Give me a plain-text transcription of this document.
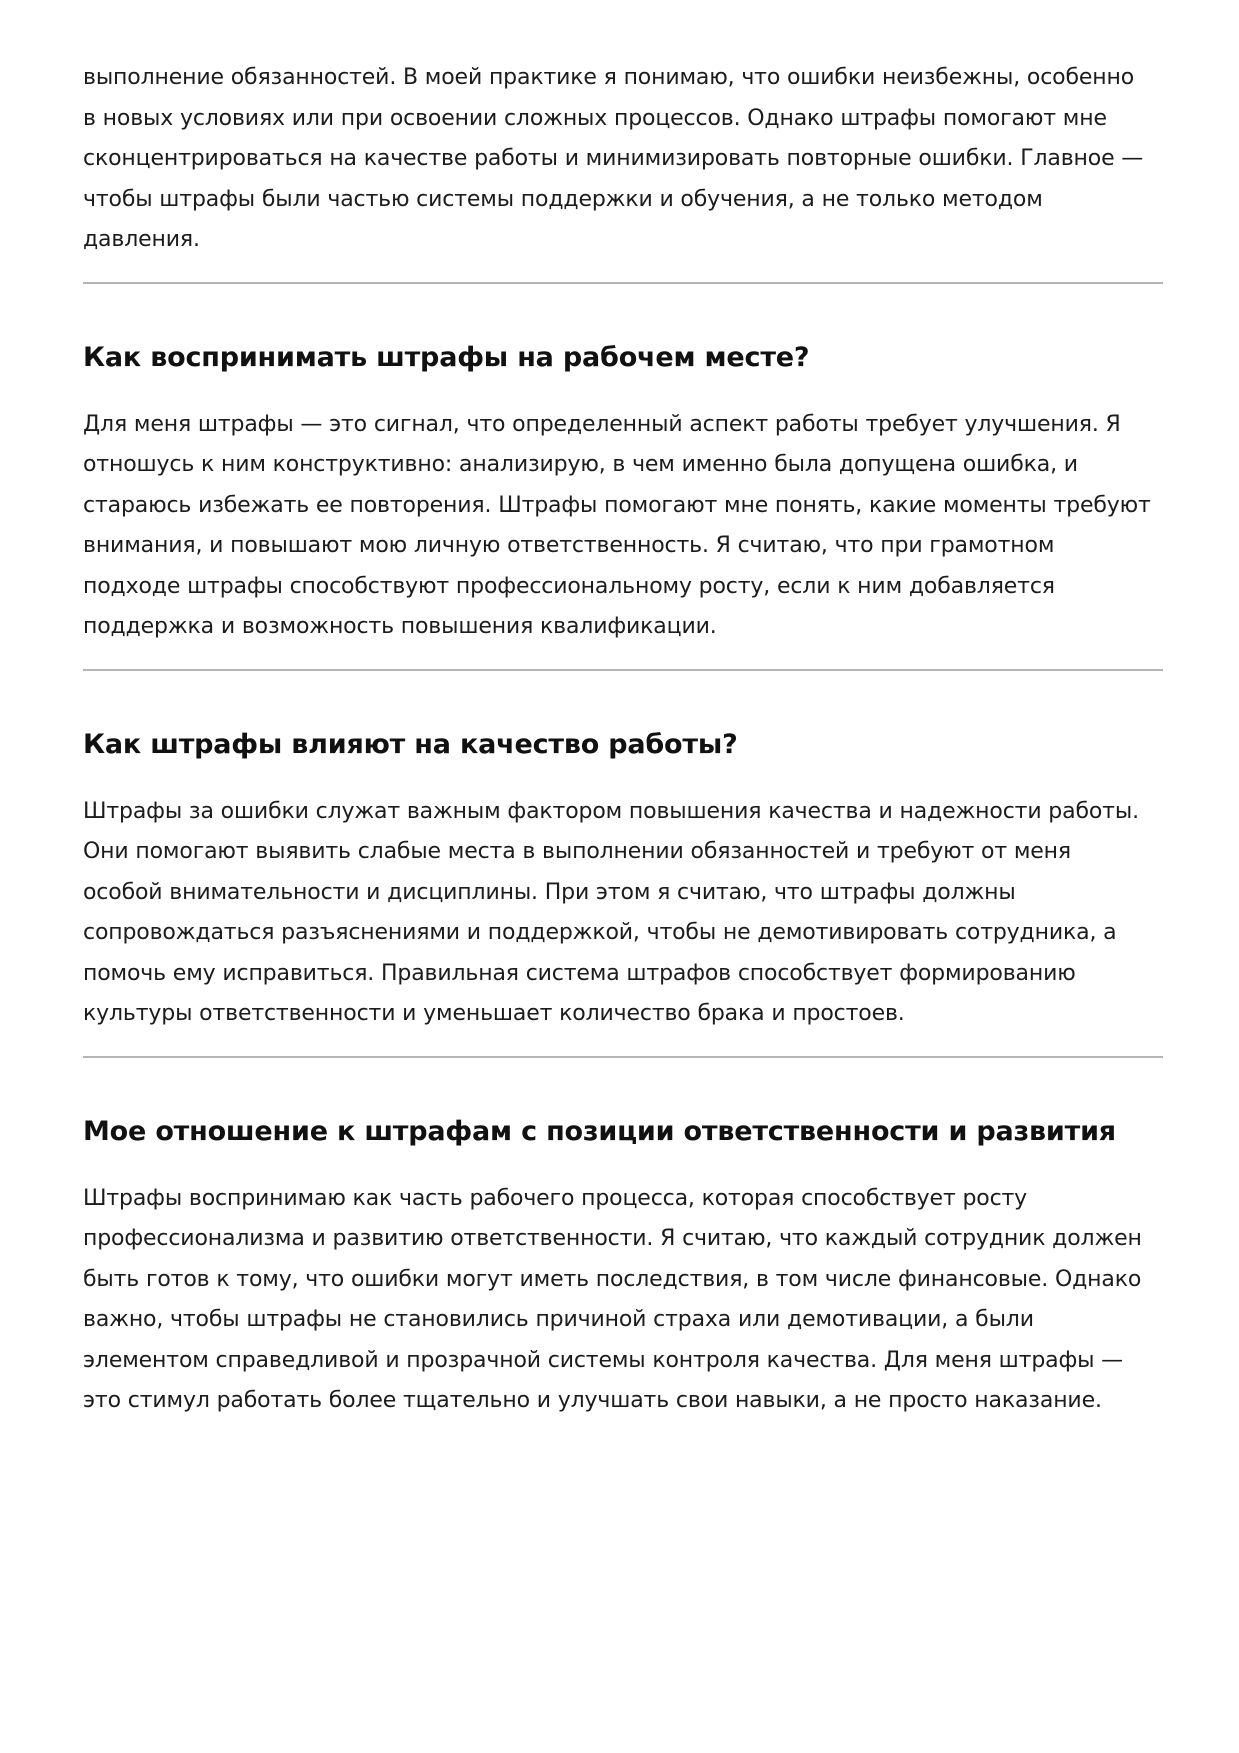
выполнение обязанностей. В моей практике я понимаю, что ошибки неизбежны, особенно
в новых условиях или при освоении сложных процессов. Однако штрафы помогают мне
сконцентрироваться на качестве работы и минимизировать повторные ошибки. Главное —
чтобы штрафы были частью системы поддержки и обучения, а не только методом
давления.

Как воспринимать штрафы на рабочем месте?

Для меня штрафы — это сигнал, что определенный аспект работы требует улучшения. Я
отношусь к ним конструктивно: анализирую, в чем именно была допущена ошибка, и
стараюсь избежать ее повторения. Штрафы помогают мне понять, какие моменты требуют
внимания, и повышают мою личную ответственность. Я считаю, что при грамотном
подходе штрафы способствуют профессиональному росту, если к ним добавляется
поддержка и возможность повышения квалификации.

Как штрафы влияют на качество работы?

Штрафы за ошибки служат важным фактором повышения качества и надежности работы.
Они помогают выявить слабые места в выполнении обязанностей и требуют от меня
особой внимательности и дисциплины. При этом я считаю, что штрафы должны
сопровождаться разъяснениями и поддержкой, чтобы не демотивировать сотрудника, а
помочь ему исправиться. Правильная система штрафов способствует формированию
культуры ответственности и уменьшает количество брака и простоев.

Мое отношение к штрафам с позиции ответственности и развития

Штрафы воспринимаю как часть рабочего процесса, которая способствует росту
профессионализма и развитию ответственности. Я считаю, что каждый сотрудник должен
быть готов к тому, что ошибки могут иметь последствия, в том числе финансовые. Однако
важно, чтобы штрафы не становились причиной страха или демотивации, а были
элементом справедливой и прозрачной системы контроля качества. Для меня штрафы —
это стимул работать более тщательно и улучшать свои навыки, а не просто наказание.
